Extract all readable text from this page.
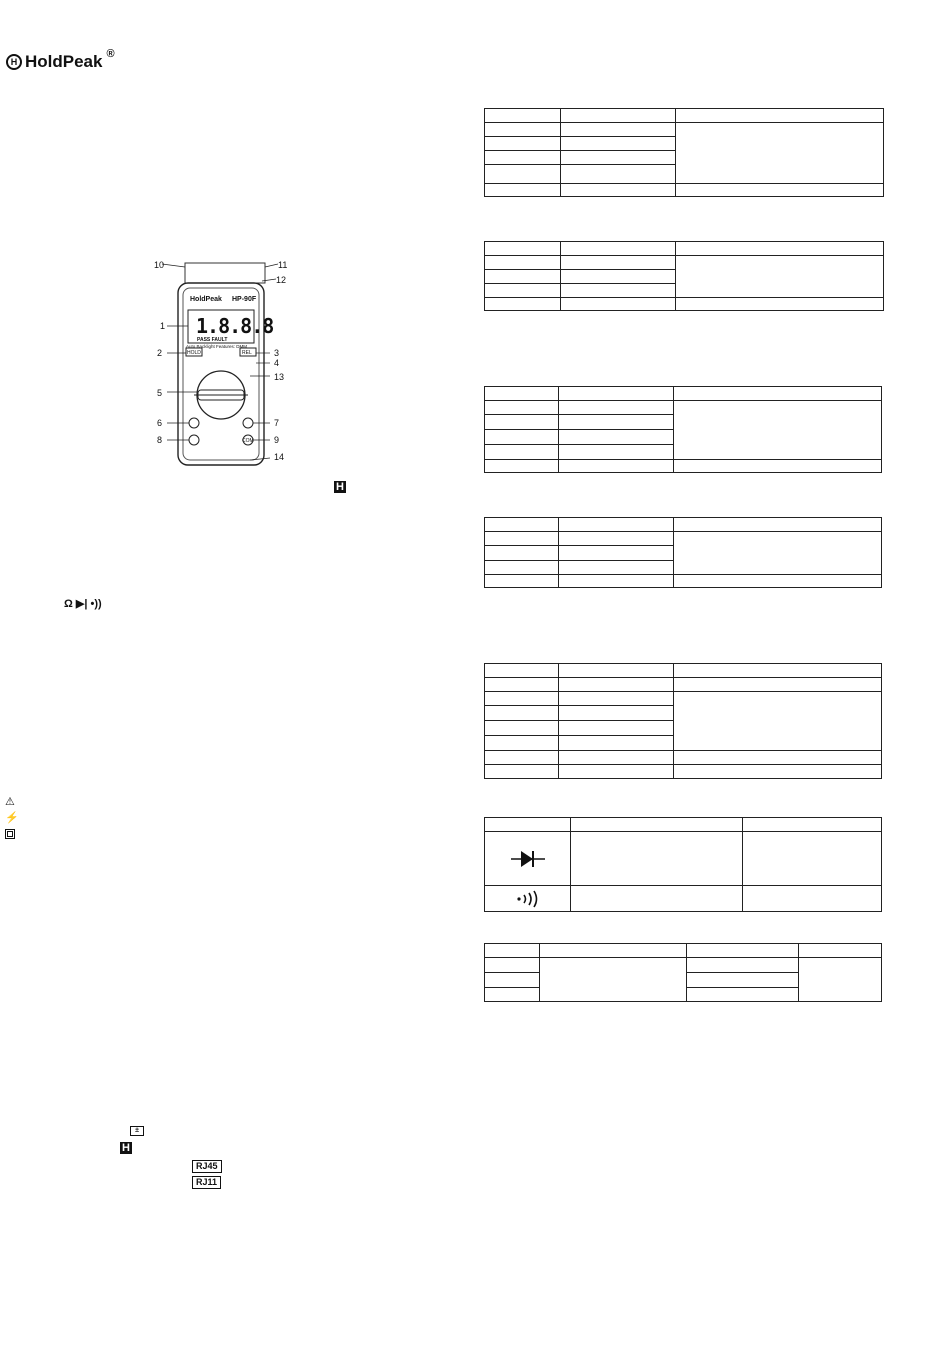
H HoldPeak ®
HoldPeak HP-90F
1.8.8.8
PASS FAULT
Auto Backlight Features: DMM
HOLD	REL
COM
10	11
12
1
2	3
4
13
5
6	7
8	9
14
H
Ω ▶| •))
⚠
⚡
±
H
RJ45
RJ11
